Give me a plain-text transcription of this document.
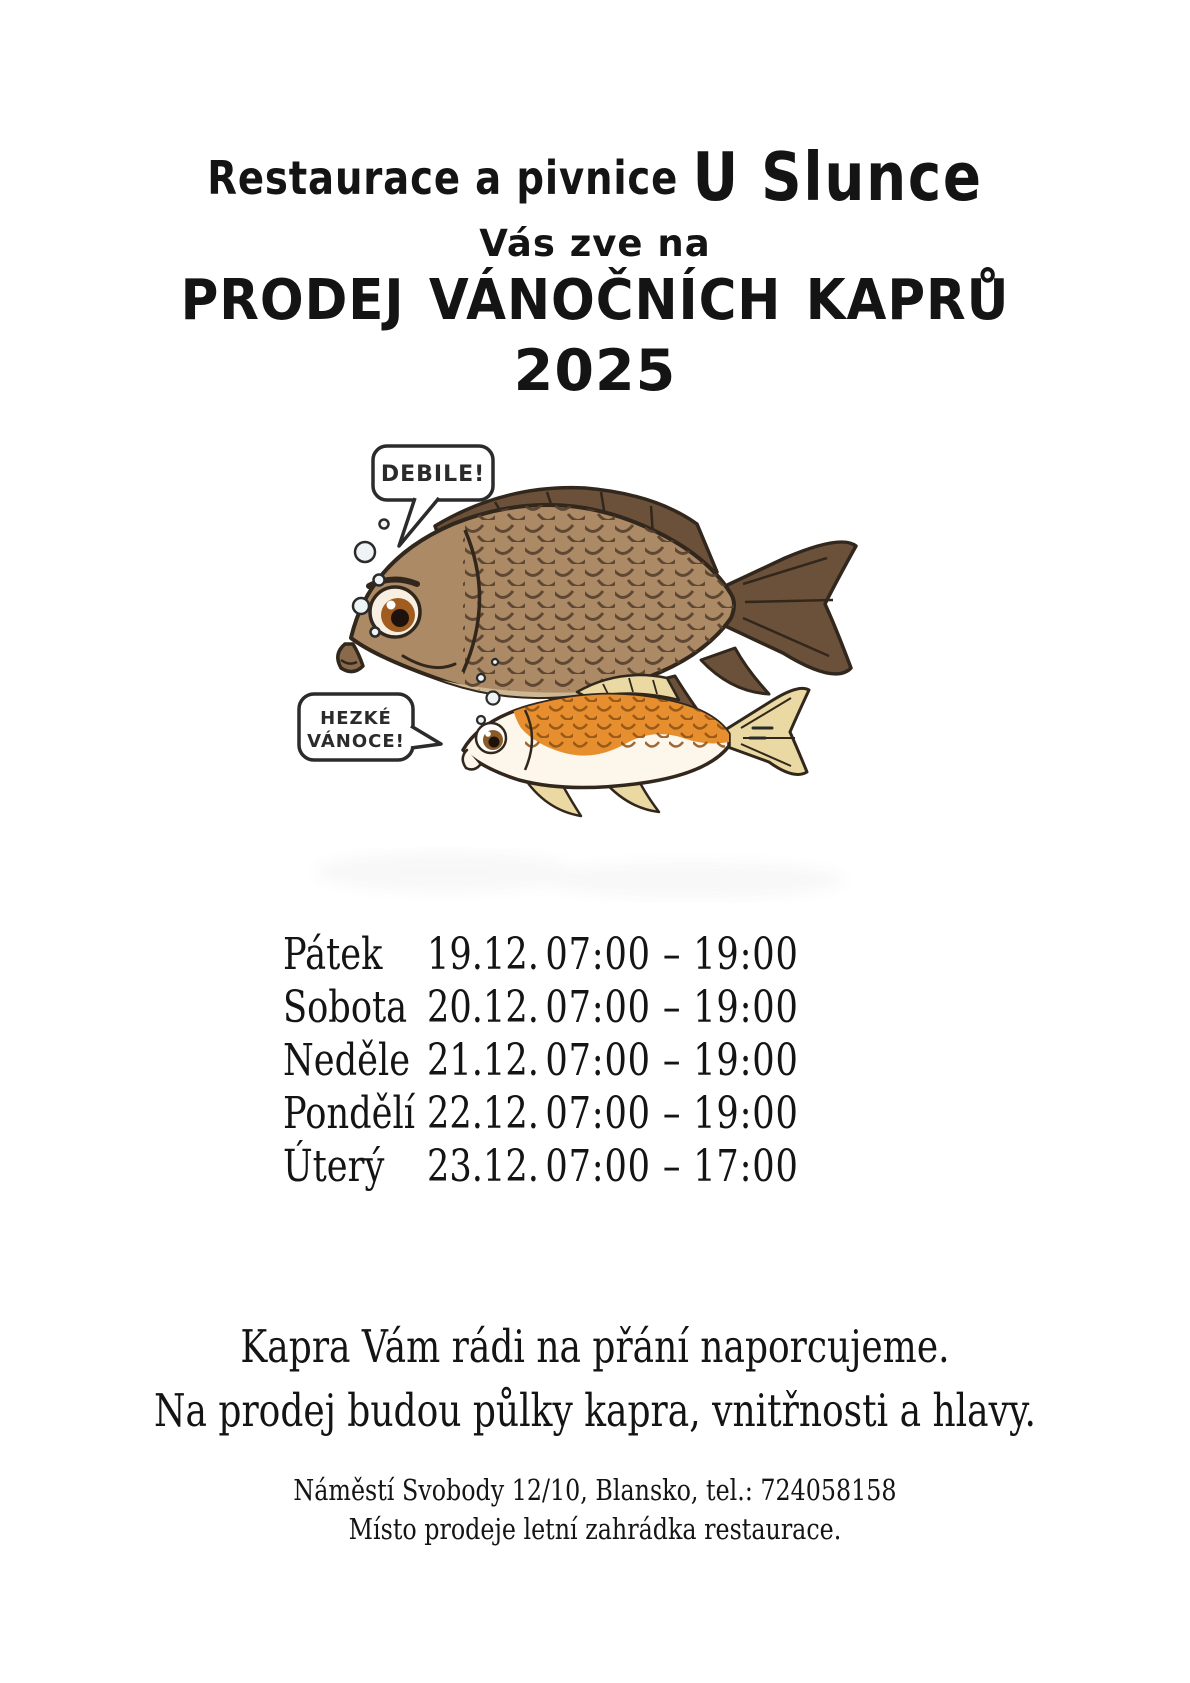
Restaurace a pivnice U Slunce
Vás zve na
PRODEJ VÁNOČNÍCH KAPRŮ
2025
DEBILE!
HEZKÉ
VÁNOCE!
Pátek	19.12. 07:00 – 19:00
Sobota 20.12. 07:00 – 19:00
Neděle 21.12. 07:00 – 19:00
Pondělí 22.12. 07:00 – 19:00
Úterý 23.12. 07:00 – 17:00
Kapra Vám rádi na přání naporcujeme.
Na prodej budou půlky kapra, vnitřnosti a hlavy.
Náměstí Svobody 12/10, Blansko, tel.: 724058158
Místo prodeje letní zahrádka restaurace.
